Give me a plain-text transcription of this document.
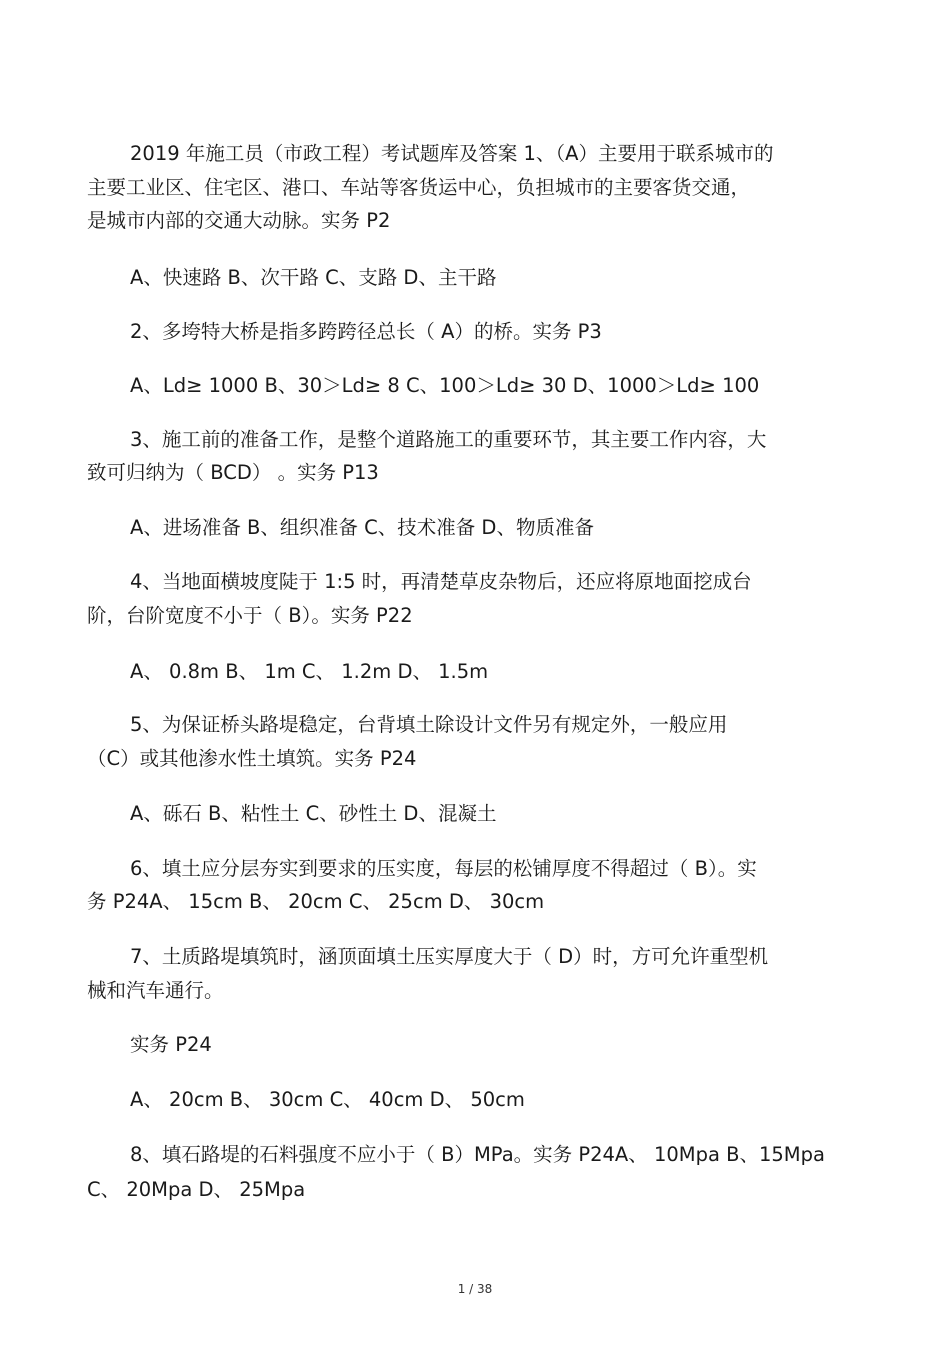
2019 年施工员（市政工程）考试题库及答案 1、（A）主要用于联系城市的
主要工业区、住宅区、港口、车站等客货运中心，负担城市的主要客货交通，
是城市内部的交通大动脉。实务 P2
A、快速路 B、次干路 C、支路 D、主干路
2、多垮特大桥是指多跨跨径总长（ A）的桥。实务 P3
A、Ld≥ 1000 B、30＞Ld≥ 8 C、100＞Ld≥ 30 D、1000＞Ld≥ 100
3、施工前的准备工作，是整个道路施工的重要环节，其主要工作内容，大
致可归纳为（ BCD） 。实务 P13
A、进场准备 B、组织准备 C、技术准备 D、物质准备
4、当地面横坡度陡于 1:5 时，再清楚草皮杂物后，还应将原地面挖成台
阶，台阶宽度不小于（ B）。实务 P22
A、 0.8m B、 1m C、 1.2m D、 1.5m
5、为保证桥头路堤稳定，台背填土除设计文件另有规定外，一般应用
（C）或其他渗水性土填筑。实务 P24
A、砾石 B、粘性土 C、砂性土 D、混凝土
6、填土应分层夯实到要求的压实度，每层的松铺厚度不得超过（ B）。实
务 P24A、 15cm B、 20cm C、 25cm D、 30cm
7、土质路堤填筑时，涵顶面填土压实厚度大于（ D）时，方可允许重型机
械和汽车通行。
实务 P24
A、 20cm B、 30cm C、 40cm D、 50cm
8、填石路堤的石料强度不应小于（ B）MPa。实务 P24A、 10Mpa B、15Mpa
C、 20Mpa D、 25Mpa
1 / 38
